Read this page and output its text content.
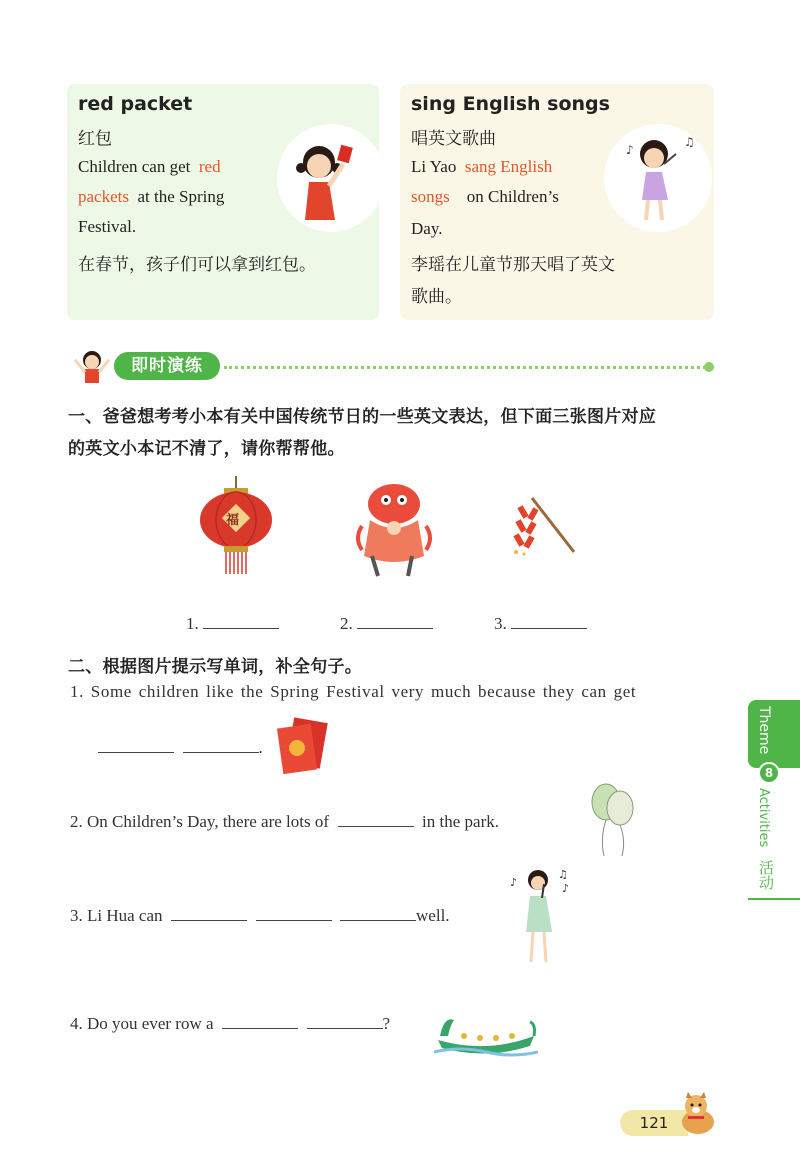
red packet
红包
Children can get red
packets at the Spring
Festival.
在春节，孩子们可以拿到红包。
sing English songs
唱英文歌曲
Li Yao sang English
songs on Children’s
Day.
李瑶在儿童节那天唱了英文
歌曲。
♪
♫
即时演练
一、爸爸想考考小本有关中国传统节日的一些英文表达，但下面三张图片对应
的英文小本记不清了，请你帮帮他。
福
1.	2.	3.
二、根据图片提示写单词，补全句子。
1. Some children like the Spring Festival very much because they can get
.
2. On Children’s Day, there are lots of	in the park.
3. Li Hua can	well.
♪
♫
♪
4. Do you ever row a	?
Theme
8
Activities
活动
121
